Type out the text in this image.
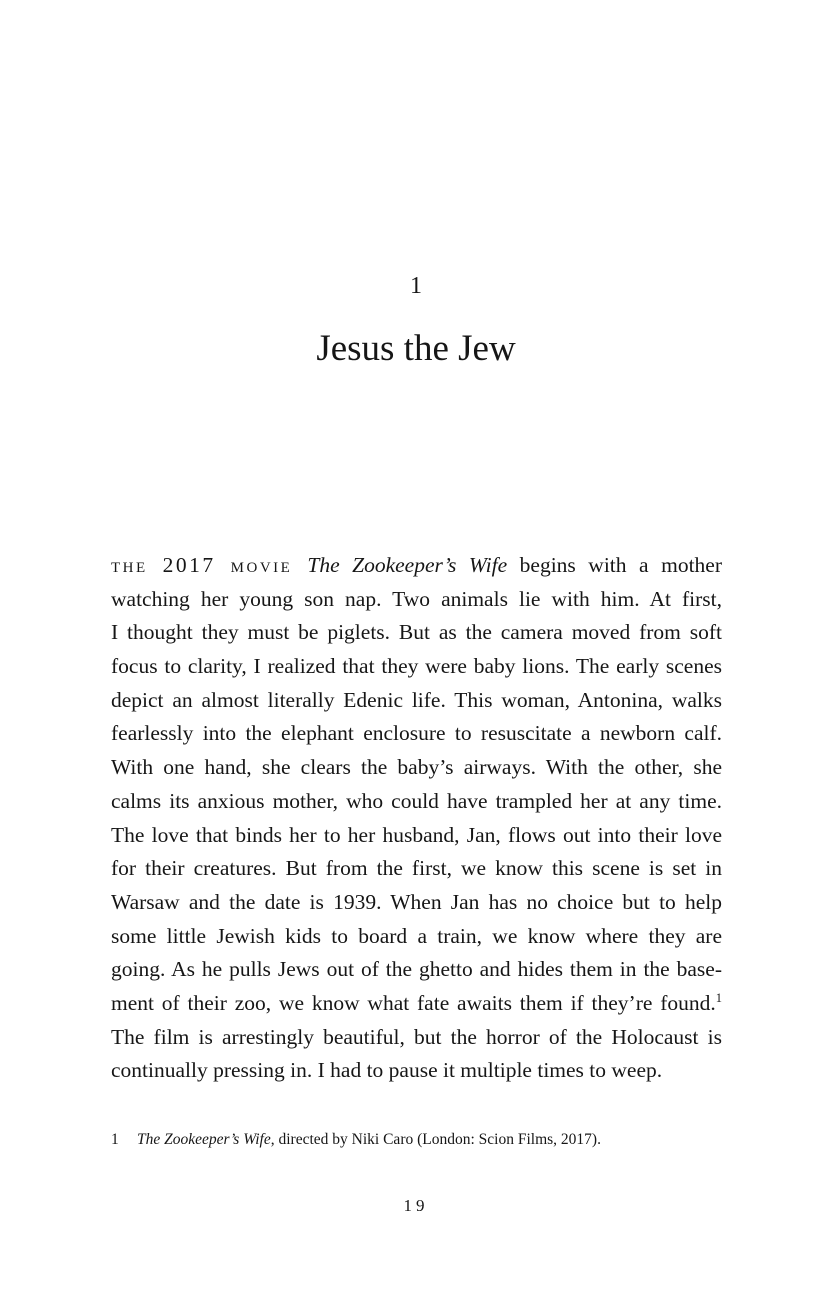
1
Jesus the Jew
the 2017 movie The Zookeeper’s Wife begins with a mother
watching her young son nap. Two animals lie with him. At first,
I thought they must be piglets. But as the camera moved from soft
focus to clarity, I realized that they were baby lions. The early scenes
depict an almost literally Edenic life. This woman, Antonina, walks
fearlessly into the elephant enclosure to resuscitate a newborn calf.
With one hand, she clears the baby’s airways. With the other, she
calms its anxious mother, who could have trampled her at any time.
The love that binds her to her husband, Jan, flows out into their love
for their creatures. But from the first, we know this scene is set in
Warsaw and the date is 1939. When Jan has no choice but to help
some little Jewish kids to board a train, we know where they are
going. As he pulls Jews out of the ghetto and hides them in the base-
ment of their zoo, we know what fate awaits them if they’re found.$^1$
The film is arrestingly beautiful, but the horror of the Holocaust is
continually pressing in. I had to pause it multiple times to weep.
1 The Zookeeper’s Wife, directed by Niki Caro (London: Scion Films, 2017).
19
